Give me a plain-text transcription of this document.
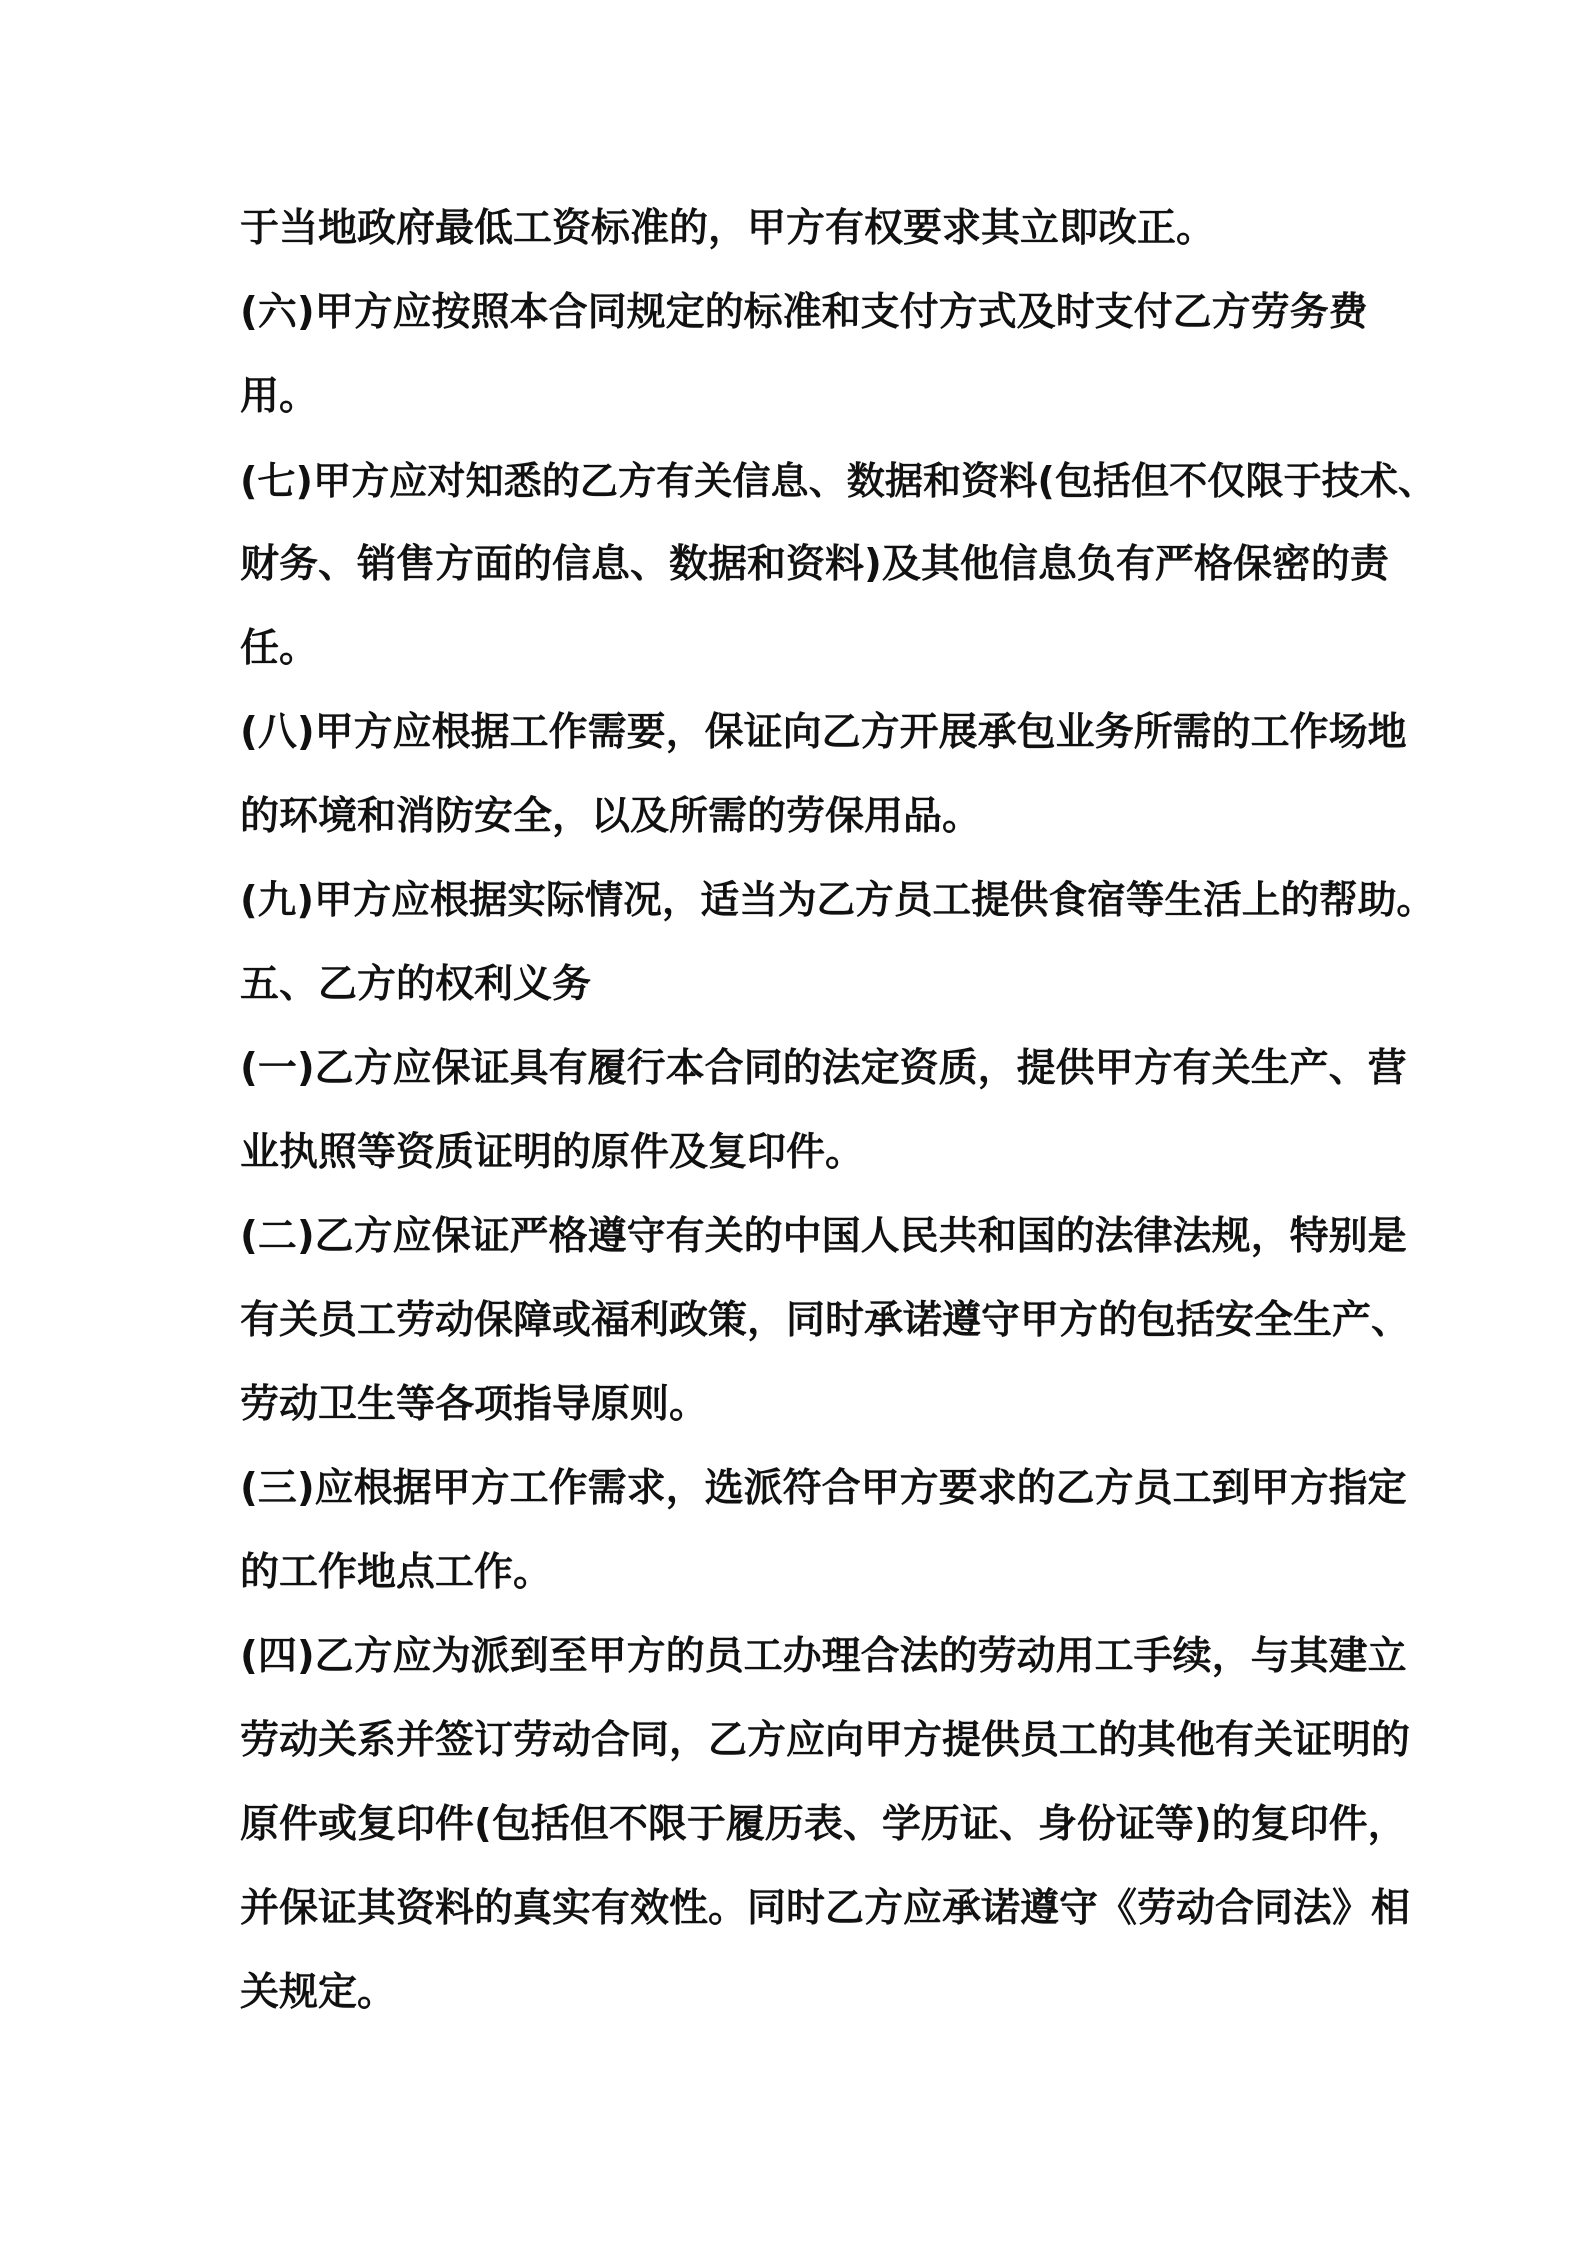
于当地政府最低工资标准的，甲方有权要求其立即改正。

(六)甲方应按照本合同规定的标准和支付方式及时支付乙方劳务费

用。

(七)甲方应对知悉的乙方有关信息、数据和资料(包括但不仅限于技术、

财务、销售方面的信息、数据和资料)及其他信息负有严格保密的责

任。

(八)甲方应根据工作需要，保证向乙方开展承包业务所需的工作场地

的环境和消防安全，以及所需的劳保用品。

(九)甲方应根据实际情况，适当为乙方员工提供食宿等生活上的帮助。

五、乙方的权利义务

(一)乙方应保证具有履行本合同的法定资质，提供甲方有关生产、营

业执照等资质证明的原件及复印件。

(二)乙方应保证严格遵守有关的中国人民共和国的法律法规，特别是

有关员工劳动保障或福利政策，同时承诺遵守甲方的包括安全生产、

劳动卫生等各项指导原则。

(三)应根据甲方工作需求，选派符合甲方要求的乙方员工到甲方指定

的工作地点工作。

(四)乙方应为派到至甲方的员工办理合法的劳动用工手续，与其建立

劳动关系并签订劳动合同，乙方应向甲方提供员工的其他有关证明的

原件或复印件(包括但不限于履历表、学历证、身份证等)的复印件，

并保证其资料的真实有效性。同时乙方应承诺遵守《劳动合同法》相

关规定。
